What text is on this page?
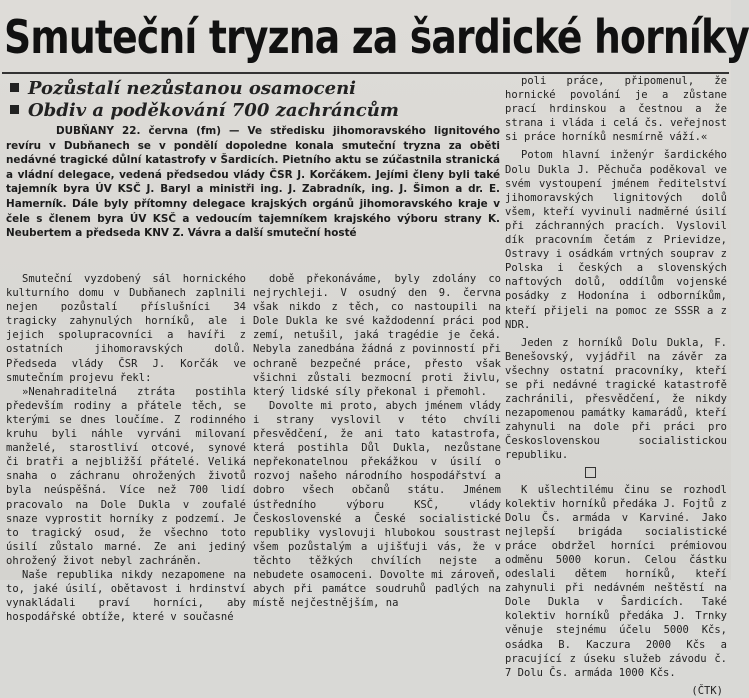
Smuteční tryzna za šardické horníky
Pozůstalí nezůstanou osamoceni
Obdiv a poděkování 700 zachráncům

DUBŇANY 22. června (fm) — Ve středisku jihomoravského lignitového revíru v Dubňanech se v pondělí dopoledne konala smuteční tryzna za oběti nedávné tragické důlní katastrofy v Šardicích. Pietního aktu se zúčastnila stranická a vládní delegace, vedená předsedou vlády ČSR J. Korčákem. Jejími členy byli také tajemník byra ÚV KSČ J. Baryl a ministři ing. J. Zabradník, ing. J. Šimon a dr. E. Hamerník. Dále byly přítomny delegace krajských orgánů jihomoravského kraje v čele s členem byra ÚV KSČ a vedoucím tajemníkem krajského výboru strany K. Neubertem a předseda KNV Z. Vávra a další smuteční hosté

Smuteční vyzdobený sál hornického kulturního domu v Dubňanech zaplnili nejen pozůstalí příslušníci 34 tragicky zahynulých horníků, ale i jejich spolupracovníci a havíři z ostatních jihomoravských dolů. Předseda vlády ČSR J. Korčák ve smutečním projevu řekl:

»Nenahraditelná ztráta postihla především rodiny a přátele těch, se kterými se dnes loučíme. Z rodinného kruhu byli náhle vyrváni milovaní manželé, starostliví otcové, synové či bratři a nejbližší přátelé. Veliká snaha o záchranu ohrožených životů byla neúspěšná. Více než 700 lidí pracovalo na Dole Dukla v zoufalé snaze vyprostit horníky z podzemí. Je to tragický osud, že všechno toto úsilí zůstalo marné. Ze ani jediný ohrožený život nebyl zachráněn.

Naše republika nikdy nezapomene na to, jaké úsilí, obětavost i hrdinství vynakládali praví horníci, aby hospodářské obtíže, které v současné

době překonáváme, byly zdolány co nejrychleji. V osudný den 9. června však nikdo z těch, co nastoupili na Dole Dukla ke své každodenní práci pod zemí, netušil, jaká tragédie je čeká. Nebyla zanedbána žádná z povinností při ochraně bezpečné práce, přesto však všichni zůstali bezmocní proti živlu, který lidské síly překonal i přemohl.

Dovolte mi proto, abych jménem vlády i strany vyslovil v této chvíli přesvědčení, že ani tato katastrofa, která postihla Důl Dukla, nezůstane nepřekonatelnou překážkou v úsilí o rozvoj našeho národního hospodářství a dobro všech občanů státu. Jménem ústředního výboru KSČ, vlády Československé a České socialistické republiky vyslovuji hlubokou soustrast všem pozůstalým a ujišťuji vás, že v těchto těžkých chvílích nejste a nebudete osamoceni. Dovolte mi zároveň, abych při památce soudruhů padlých na místě nejčestnějším, na

poli práce, připomenul, že hornické povolání je a zůstane prací hrdinskou a čestnou a že strana i vláda i celá čs. veřejnost si práce horníků nesmírně váží.«

Potom hlavní inženýr šardického Dolu Dukla J. Pěchuča poděkoval ve svém vystoupení jménem ředitelství jihomoravských lignitových dolů všem, kteří vyvinuli nadměrné úsilí při záchranných pracích. Vyslovil dík pracovním četám z Prievidze, Ostravy i osádkám vrtných souprav z Polska i českých a slovenských naftových dolů, oddílům vojenské posádky z Hodonína i odborníkům, kteří přijeli na pomoc ze SSSR a z NDR.

Jeden z horníků Dolu Dukla, F. Benešovský, vyjádřil na závěr za všechny ostatní pracovníky, kteří se při nedávné tragické katastrofě zachránili, přesvědčení, že nikdy nezapomenou památky kamarádů, kteří zahynuli na dole při práci pro Československou socialistickou republiku.

K ušlechtilému činu se rozhodl kolektiv horníků předáka J. Fojtů z Dolu Čs. armáda v Karviné. Jako nejlepší brigáda socialistické práce obdržel horníci prémiovou odměnu 5000 korun. Celou částku odeslali dětem horníků, kteří zahynuli při nedávném neštěstí na Dole Dukla v Šardicích. Také kolektiv horníků předáka J. Trnky věnuje stejnému účelu 5000 Kčs, osádka B. Kaczura 2000 Kčs a pracující z úseku služeb závodu č. 7 Dolu Čs. armáda 1000 Kčs.

(ČTK)
